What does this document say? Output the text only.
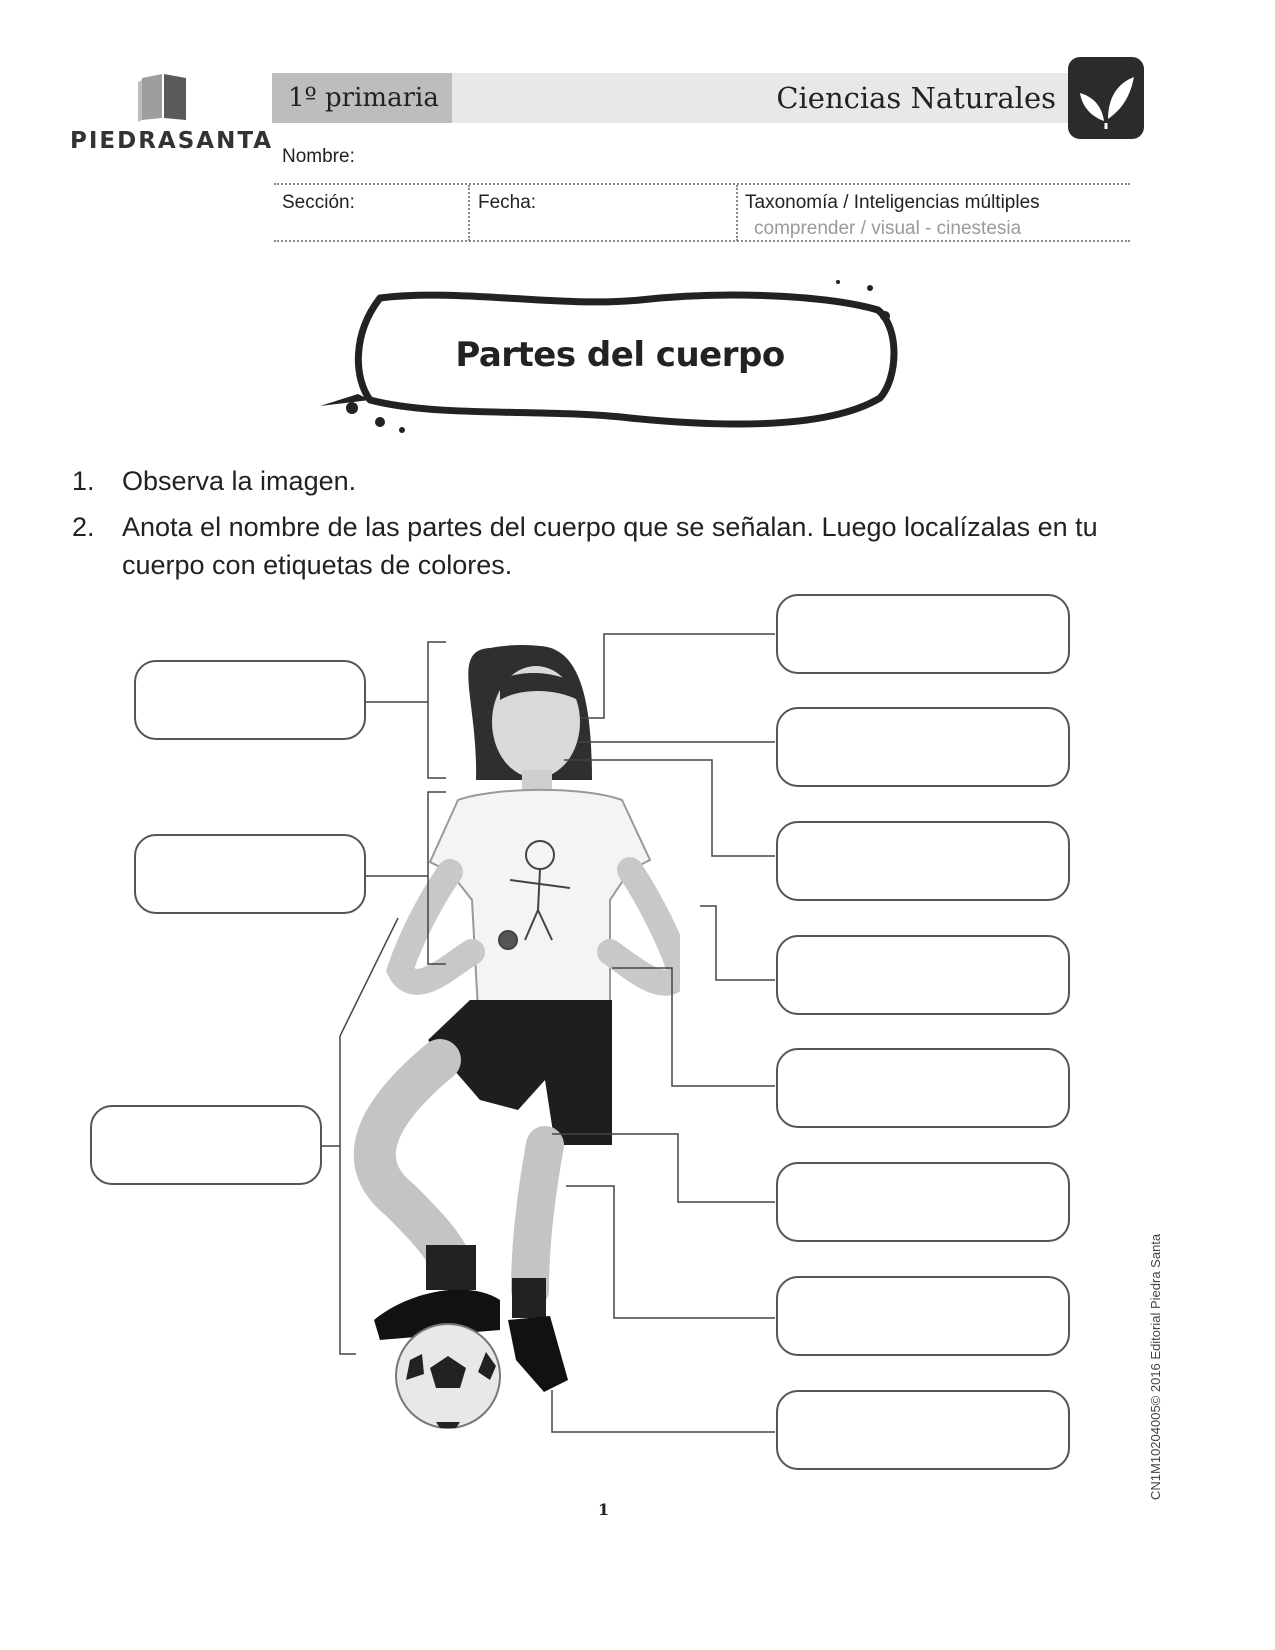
PIEDRASANTA
1º primaria	Ciencias Naturales
Nombre:
Sección:	Fecha:	Taxonomía / Inteligencias múltiples
comprender / visual - cinestesia
Partes del cuerpo
1. Observa la imagen.
2. Anota el nombre de las partes del cuerpo que se señalan. Luego localízalas en tu cuerpo con etiquetas de colores.
1
CN1M10204005© 2016 Editorial Piedra Santa
